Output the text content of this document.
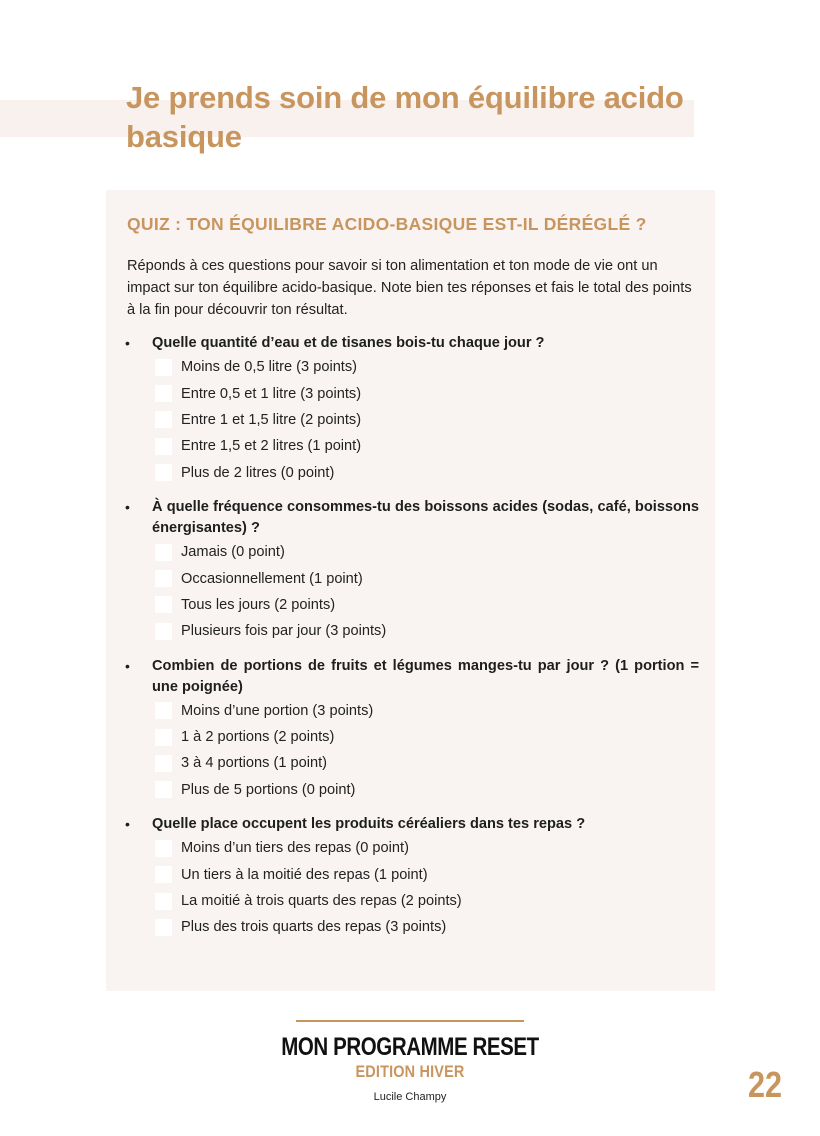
Je prends soin de mon équilibre acido basique
QUIZ : TON ÉQUILIBRE ACIDO-BASIQUE EST-IL DÉRÉGLÉ ?

Réponds à ces questions pour savoir si ton alimentation et ton mode de vie ont un impact sur ton équilibre acido-basique. Note bien tes réponses et fais le total des points à la fin pour découvrir ton résultat.

•	Quelle quantité d’eau et de tisanes bois-tu chaque jour ?

Moins de 0,5 litre (3 points)
Entre 0,5 et 1 litre (3 points)
Entre 1 et 1,5 litre (2 points)
Entre 1,5 et 2 litres (1 point)
Plus de 2 litres (0 point)
•	À quelle fréquence consommes-tu des boissons acides (sodas, café, boissons énergisantes) ?

Jamais (0 point)
Occasionnellement (1 point)
Tous les jours (2 points)
Plusieurs fois par jour (3 points)
•	Combien de portions de fruits et légumes manges-tu par jour ? (1 portion = une poignée)

Moins d’une portion (3 points)
1 à 2 portions (2 points)
3 à 4 portions (1 point)
Plus de 5 portions (0 point)
•	Quelle place occupent les produits céréaliers dans tes repas ?

Moins d’un tiers des repas (0 point)
Un tiers à la moitié des repas (1 point)
La moitié à trois quarts des repas (2 points)
Plus des trois quarts des repas (3 points)
MON PROGRAMME RESET
EDITION HIVER
Lucile Champy	22
